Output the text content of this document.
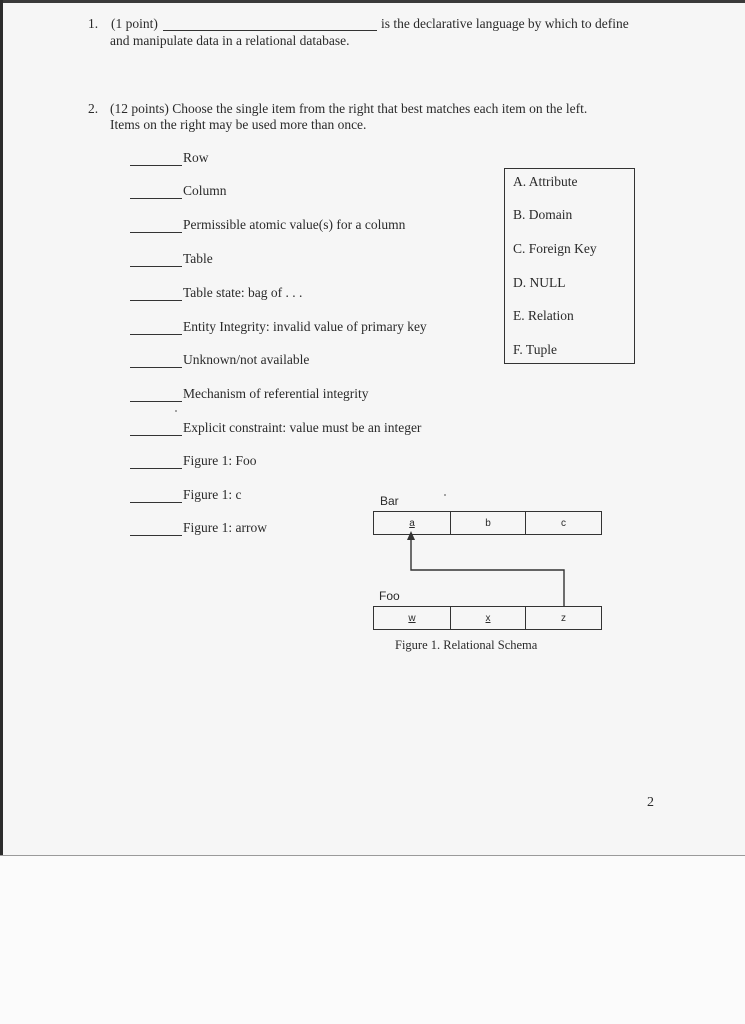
1. (1 point)	is the declarative language by which to define
and manipulate data in a relational database.
2. (12 points) Choose the single item from the right that best matches each item on the left.
Items on the right may be used more than once.
Row
Column
Permissible atomic value(s) for a column
Table
Table state: bag of . . .
Entity Integrity: invalid value of primary key
Unknown/not available
Mechanism of referential integrity
Explicit constraint: value must be an integer
Figure 1: Foo
Figure 1: c
Figure 1: arrow
A. Attribute
B. Domain
C. Foreign Key
D. NULL
E. Relation
F. Tuple
Bar
a	b	c
Foo
w	x	z
Figure 1. Relational Schema
2
